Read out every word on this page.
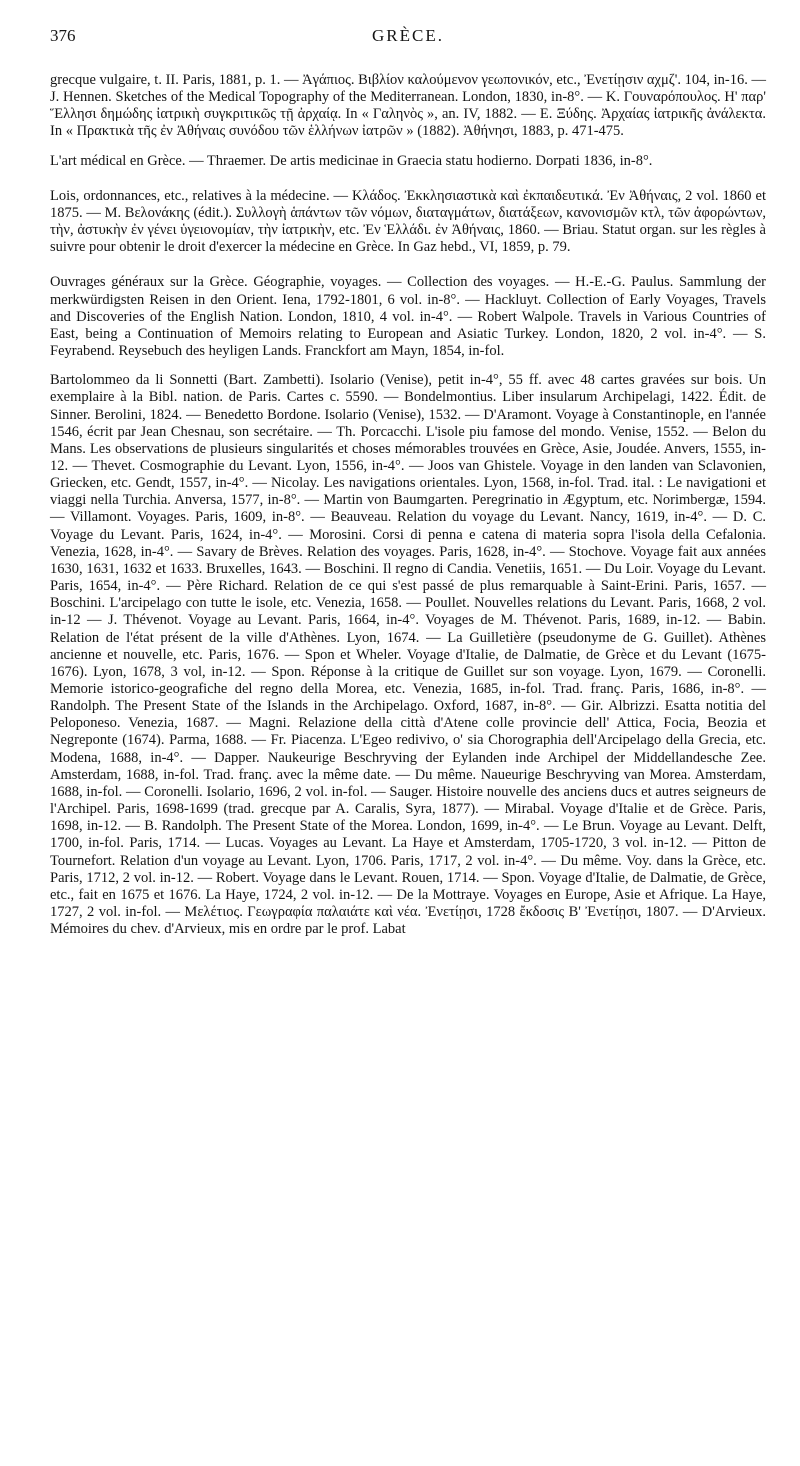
376	GRÈCE.

grecque vulgaire, t. II. Paris, 1881, p. 1. — Ἀγάπιος. Βιβλίον καλούμενον γεωπονικόν, etc., Ἐνετίῃσιν αχμζ'. 104, in-16. — J. Hennen. Sketches of the Medical Topography of the Mediterranean. London, 1830, in-8°. — K. Γουναρόπουλος. Η' παρ' Ἕλλησι δημώδης ἰατρικὴ συγκριτικῶς τῇ ἀρχαίᾳ. In « Γαληνὸς », an. IV, 1882. — E. Ξύδης. Ἀρχαίας ἰατρικῆς ἀνάλεκτα. In « Πρακτικὰ τῆς ἐν Ἀθήναις συνόδου τῶν ἑλλήνων ἰατρῶν » (1882). Ἀθήνησι, 1883, p. 471-475.

L'art médical en Grèce. — Thraemer. De artis medicinae in Graecia statu hodierno. Dorpati 1836, in-8°.

Lois, ordonnances, etc., relatives à la médecine. — Κλάδος. Ἐκκλησιαστικὰ καὶ ἐκπαιδευτικά. Ἐν Ἀθήναις, 2 vol. 1860 et 1875. — M. Βελονάκης (édit.). Συλλογὴ ἁπάντων τῶν νόμων, διαταγμάτων, διατάξεων, κανονισμῶν κτλ, τῶν ἀφορώντων, τὴν, ἀστυκὴν ἐν γένει ὑγειονομίαν, τὴν ἰατρικὴν, etc. Ἐν Ἑλλάδι. ἐν Ἀθήναις, 1860. — Briau. Statut organ. sur les règles à suivre pour obtenir le droit d'exercer la médecine en Grèce. In Gaz hebd., VI, 1859, p. 79.

Ouvrages généraux sur la Grèce. Géographie, voyages. — Collection des voyages. — H.-E.-G. Paulus. Sammlung der merkwürdigsten Reisen in den Orient. Iena, 1792-1801, 6 vol. in-8°. — Hackluyt. Collection of Early Voyages, Travels and Discoveries of the English Nation. London, 1810, 4 vol. in-4°. — Robert Walpole. Travels in Various Countries of East, being a Continuation of Memoirs relating to European and Asiatic Turkey. London, 1820, 2 vol. in-4°. — S. Feyrabend. Reysebuch des heyligen Lands. Franckfort am Mayn, 1854, in-fol.

Bartolommeo da li Sonnetti (Bart. Zambetti). Isolario (Venise), petit in-4°, 55 ff. avec 48 cartes gravées sur bois. Un exemplaire à la Bibl. nation. de Paris. Cartes c. 5590. — Bondelmontius. Liber insularum Archipelagi, 1422. Édit. de Sinner. Berolini, 1824. — Benedetto Bordone. Isolario (Venise), 1532. — D'Aramont. Voyage à Constantinople, en l'année 1546, écrit par Jean Chesnau, son secrétaire. — Th. Porcacchi. L'isole piu famose del mondo. Venise, 1552. — Belon du Mans. Les observations de plusieurs singularités et choses mémorables trouvées en Grèce, Asie, Joudée. Anvers, 1555, in-12. — Thevet. Cosmographie du Levant. Lyon, 1556, in-4°. — Joos van Ghistele. Voyage in den landen van Sclavonien, Griecken, etc. Gendt, 1557, in-4°. — Nicolay. Les navigations orientales. Lyon, 1568, in-fol. Trad. ital. : Le navigationi et viaggi nella Turchia. Anversa, 1577, in-8°. — Martin von Baumgarten. Peregrinatio in Ægyptum, etc. Norimbergæ, 1594. — Villamont. Voyages. Paris, 1609, in-8°. — Beauveau. Relation du voyage du Levant. Nancy, 1619, in-4°. — D. C. Voyage du Levant. Paris, 1624, in-4°. — Morosini. Corsi di penna e catena di materia sopra l'isola della Cefalonia. Venezia, 1628, in-4°. — Savary de Brèves. Relation des voyages. Paris, 1628, in-4°. — Stochove. Voyage fait aux années 1630, 1631, 1632 et 1633. Bruxelles, 1643. — Boschini. Il regno di Candia. Venetiis, 1651. — Du Loir. Voyage du Levant. Paris, 1654, in-4°. — Père Richard. Relation de ce qui s'est passé de plus remarquable à Saint-Erini. Paris, 1657. — Boschini. L'arcipelago con tutte le isole, etc. Venezia, 1658. — Poullet. Nouvelles relations du Levant. Paris, 1668, 2 vol. in-12 — J. Thévenot. Voyage au Levant. Paris, 1664, in-4°. Voyages de M. Thévenot. Paris, 1689, in-12. — Babin. Relation de l'état présent de la ville d'Athènes. Lyon, 1674. — La Guilletière (pseudonyme de G. Guillet). Athènes ancienne et nouvelle, etc. Paris, 1676. — Spon et Wheler. Voyage d'Italie, de Dalmatie, de Grèce et du Levant (1675-1676). Lyon, 1678, 3 vol, in-12. — Spon. Réponse à la critique de Guillet sur son voyage. Lyon, 1679. — Coronelli. Memorie istorico-geografiche del regno della Morea, etc. Venezia, 1685, in-fol. Trad. franç. Paris, 1686, in-8°. — Randolph. The Present State of the Islands in the Archipelago. Oxford, 1687, in-8°. — Gir. Albrizzi. Esatta notitia del Peloponeso. Venezia, 1687. — Magni. Relazione della città d'Atene colle provincie dell' Attica, Focia, Beozia et Negreponte (1674). Parma, 1688. — Fr. Piacenza. L'Egeo redivivo, o' sia Chorographia dell'Arcipelago della Grecia, etc. Modena, 1688, in-4°. — Dapper. Naukeurige Beschryving der Eylanden inde Archipel der Middellandesche Zee. Amsterdam, 1688, in-fol. Trad. franç. avec la même date. — Du même. Naueurige Beschryving van Morea. Amsterdam, 1688, in-fol. — Coronelli. Isolario, 1696, 2 vol. in-fol. — Sauger. Histoire nouvelle des anciens ducs et autres seigneurs de l'Archipel. Paris, 1698-1699 (trad. grecque par A. Caralis, Syra, 1877). — Mirabal. Voyage d'Italie et de Grèce. Paris, 1698, in-12. — B. Randolph. The Present State of the Morea. London, 1699, in-4°. — Le Brun. Voyage au Levant. Delft, 1700, in-fol. Paris, 1714. — Lucas. Voyages au Levant. La Haye et Amsterdam, 1705-1720, 3 vol. in-12. — Pitton de Tournefort. Relation d'un voyage au Levant. Lyon, 1706. Paris, 1717, 2 vol. in-4°. — Du même. Voy. dans la Grèce, etc. Paris, 1712, 2 vol. in-12. — Robert. Voyage dans le Levant. Rouen, 1714. — Spon. Voyage d'Italie, de Dalmatie, de Grèce, etc., fait en 1675 et 1676. La Haye, 1724, 2 vol. in-12. — De la Mottraye. Voyages en Europe, Asie et Afrique. La Haye, 1727, 2 vol. in-fol. — Μελέτιος. Γεωγραφία παλαιάτε καὶ νέα. Ἐνετίῃσι, 1728 ἔκδοσις Β' Ἐνετίῃσι, 1807. — D'Arvieux. Mémoires du chev. d'Arvieux, mis en ordre par le prof. Labat
